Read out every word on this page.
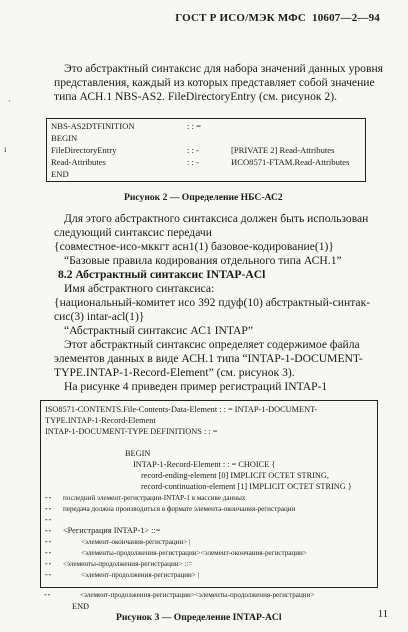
ГОСТ Р ИСО/МЭК МФС 10607—2—94
Это абстрактный синтаксис для набора значений данных уровня
представления, каждый из которых представляет собой значение
типа АСН.1 NBS-AS2. FileDirectoryEntry (см. рисунок 2).
ˏ
NBS-AS2DTFINITION	: : =
BEGIN
FileDirectoryEntry	: : -	[PRIVATE 2] Read-Attributes
Read-Attributes	: : -	ИСО8571-FTAM.Read-Attributes
END
ı
Рисунок 2 — Определение НБС-АС2
Для этого абстрактного синтаксиса должен быть использован
следующий синтаксис передачи
{совместное-исо-мккгт асн1(1) базовое-кодирование(1)}
“Базовые правила кодирования отдельного типа АСН.1”
8.2 Абстрактный синтаксис INTAP-ACl
Имя абстрактного синтаксиса:
{национальный-комитет исо 392 пдуф(10) абстрактный-синтак-
сис(3) intar-acl(1)}
“Абстрактный синтаксис АС1 INTAP”
Этот абстрактный синтаксис определяет содержимое файла
элементов данных в виде АСН.1 типа “INTAP-1-DOCUMENT-
TYPE.INTAP-1-Record-Element” (см. рисунок 3).
На рисунке 4 приведен пример регистраций INTAP-1
ISO8571-CONTENTS.File-Contents-Data-Element : : = INTAP-1-DOCUMENT-
TYPE.INTAP-1-Record-Element
INTAP-1-DOCUMENT-TYPE DEFINITIONS : : =
BEGIN
INTAP-1-Record-Element : : = CHOICE {
record-ending-element [0] IMPLICIT OCTET STRING,
record-continuation-element [1] IMPLICIT OCTET STRING }
-- последний элемент-регистрации-INTAP-1 в массиве данных
-- передача должна производиться в формате элемента-окончания-регистрации
--
-- <Регистрация INTAP-1> ::=
--	<элемент-окончания-регистрации> |
--	<элементы-продолжения-регистрации><элемент-окончания-регистрации>
-- <элементы-продолжения-регистрации> ::=
--	<элемент-продолжения-регистрации> |
--	<элемент-продолжения-регистрации><элементы-продолжения-регистрации>
END
Рисунок 3 — Определение INTAP-ACl	11
